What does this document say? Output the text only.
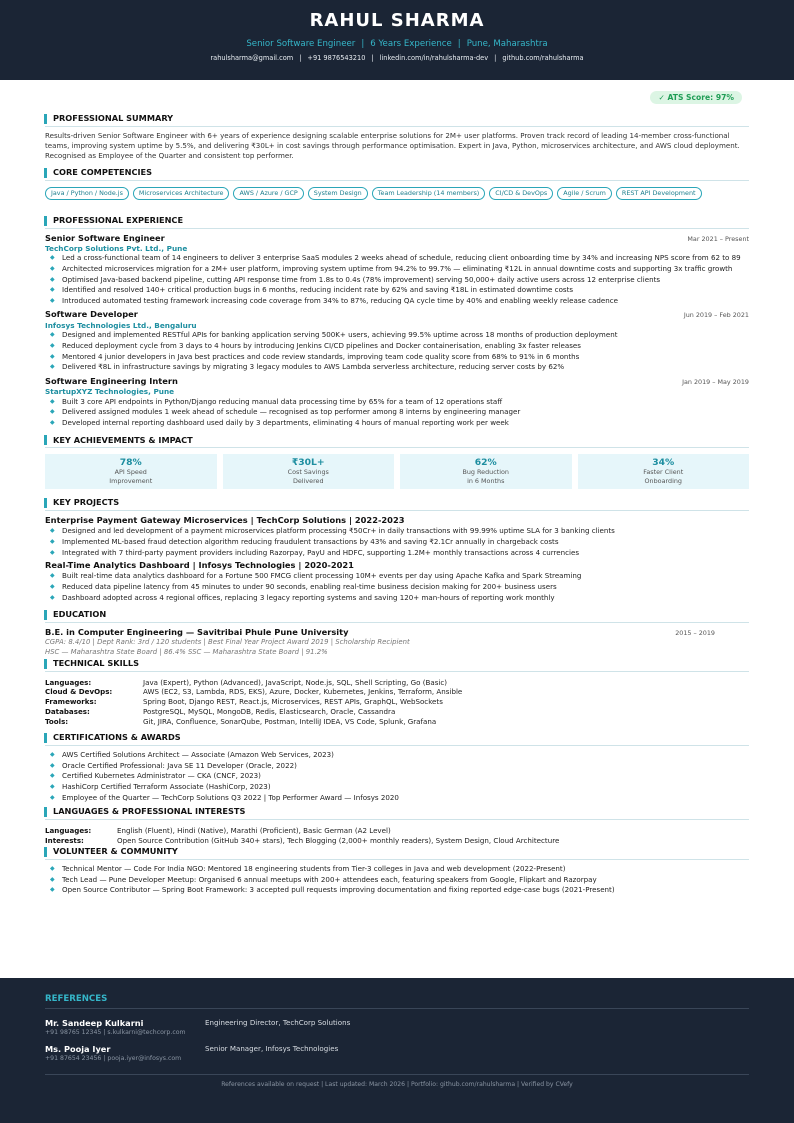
RAHUL SHARMA
Senior Software Engineer | 6 Years Experience | Pune, Maharashtra
rahulsharma@gmail.com | +91 9876543210 | linkedin.com/in/rahulsharma-dev | github.com/rahulsharma
✓ ATS Score: 97%
PROFESSIONAL SUMMARY
Results-driven Senior Software Engineer with 6+ years of experience designing scalable enterprise solutions for 2M+ user platforms. Proven track record of leading 14-member cross-functional teams, improving system uptime by 5.5%, and delivering ₹30L+ in cost savings through performance optimisation. Expert in Java, Python, microservices architecture, and AWS cloud deployment. Recognised as Employee of the Quarter and consistent top performer.
CORE COMPETENCIES
Java / Python / Node.js	Microservices Architecture	AWS / Azure / GCP	System Design	Team Leadership (14 members)	CI/CD & DevOps	Agile / Scrum	REST API Development
PROFESSIONAL EXPERIENCE
Senior Software Engineer	Mar 2021 – Present
TechCorp Solutions Pvt. Ltd., Pune
◆ Led a cross-functional team of 14 engineers to deliver 3 enterprise SaaS modules 2 weeks ahead of schedule, reducing client onboarding time by 34% and increasing NPS score from 62 to 89
◆ Architected microservices migration for a 2M+ user platform, improving system uptime from 94.2% to 99.7% — eliminating ₹12L in annual downtime costs and supporting 3x traffic growth
◆ Optimised Java-based backend pipeline, cutting API response time from 1.8s to 0.4s (78% improvement) serving 50,000+ daily active users across 12 enterprise clients
◆ Identified and resolved 140+ critical production bugs in 6 months, reducing incident rate by 62% and saving ₹18L in estimated downtime costs
◆ Introduced automated testing framework increasing code coverage from 34% to 87%, reducing QA cycle time by 40% and enabling weekly release cadence
Software Developer	Jun 2019 – Feb 2021
Infosys Technologies Ltd., Bengaluru
◆ Designed and implemented RESTful APIs for banking application serving 500K+ users, achieving 99.5% uptime across 18 months of production deployment
◆ Reduced deployment cycle from 3 days to 4 hours by introducing Jenkins CI/CD pipelines and Docker containerisation, enabling 3x faster releases
◆ Mentored 4 junior developers in Java best practices and code review standards, improving team code quality score from 68% to 91% in 6 months
◆ Delivered ₹8L in infrastructure savings by migrating 3 legacy modules to AWS Lambda serverless architecture, reducing server costs by 62%
Software Engineering Intern	Jan 2019 – May 2019
StartupXYZ Technologies, Pune
◆ Built 3 core API endpoints in Python/Django reducing manual data processing time by 65% for a team of 12 operations staff
◆ Delivered assigned modules 1 week ahead of schedule — recognised as top performer among 8 interns by engineering manager
◆ Developed internal reporting dashboard used daily by 3 departments, eliminating 4 hours of manual reporting work per week
KEY ACHIEVEMENTS & IMPACT
78%
API Speed
Improvement
₹30L+
Cost Savings
Delivered
62%
Bug Reduction
in 6 Months
34%
Faster Client
Onboarding
KEY PROJECTS
Enterprise Payment Gateway Microservices | TechCorp Solutions | 2022-2023
◆ Designed and led development of a payment microservices platform processing ₹50Cr+ in daily transactions with 99.99% uptime SLA for 3 banking clients
◆ Implemented ML-based fraud detection algorithm reducing fraudulent transactions by 43% and saving ₹2.1Cr annually in chargeback costs
◆ Integrated with 7 third-party payment providers including Razorpay, PayU and HDFC, supporting 1.2M+ monthly transactions across 4 currencies
Real-Time Analytics Dashboard | Infosys Technologies | 2020-2021
◆ Built real-time data analytics dashboard for a Fortune 500 FMCG client processing 10M+ events per day using Apache Kafka and Spark Streaming
◆ Reduced data pipeline latency from 45 minutes to under 90 seconds, enabling real-time business decision making for 200+ business users
◆ Dashboard adopted across 4 regional offices, replacing 3 legacy reporting systems and saving 120+ man-hours of reporting work monthly
EDUCATION
B.E. in Computer Engineering — Savitribai Phule Pune University	2015 – 2019
CGPA: 8.4/10 | Dept Rank: 3rd / 120 students | Best Final Year Project Award 2019 | Scholarship Recipient
HSC — Maharashtra State Board | 86.4% SSC — Maharashtra State Board | 91.2%
TECHNICAL SKILLS
Languages:	Java (Expert), Python (Advanced), JavaScript, Node.js, SQL, Shell Scripting, Go (Basic)
Cloud & DevOps:	AWS (EC2, S3, Lambda, RDS, EKS), Azure, Docker, Kubernetes, Jenkins, Terraform, Ansible
Frameworks:	Spring Boot, Django REST, React.js, Microservices, REST APIs, GraphQL, WebSockets
Databases:	PostgreSQL, MySQL, MongoDB, Redis, Elasticsearch, Oracle, Cassandra
Tools:	Git, JIRA, Confluence, SonarQube, Postman, IntelliJ IDEA, VS Code, Splunk, Grafana
CERTIFICATIONS & AWARDS
◆ AWS Certified Solutions Architect — Associate (Amazon Web Services, 2023)
◆ Oracle Certified Professional: Java SE 11 Developer (Oracle, 2022)
◆ Certified Kubernetes Administrator — CKA (CNCF, 2023)
◆ HashiCorp Certified Terraform Associate (HashiCorp, 2023)
◆ Employee of the Quarter — TechCorp Solutions Q3 2022 | Top Performer Award — Infosys 2020
LANGUAGES & PROFESSIONAL INTERESTS
Languages:	English (Fluent), Hindi (Native), Marathi (Proficient), Basic German (A2 Level)
Interests:	Open Source Contribution (GitHub 340+ stars), Tech Blogging (2,000+ monthly readers), System Design, Cloud Architecture
VOLUNTEER & COMMUNITY
◆ Technical Mentor — Code For India NGO: Mentored 18 engineering students from Tier-3 colleges in Java and web development (2022-Present)
◆ Tech Lead — Pune Developer Meetup: Organised 6 annual meetups with 200+ attendees each, featuring speakers from Google, Flipkart and Razorpay
◆ Open Source Contributor — Spring Boot Framework: 3 accepted pull requests improving documentation and fixing reported edge-case bugs (2021-Present)
REFERENCES
Mr. Sandeep Kulkarni
+91 98765 12345 | s.kulkarni@techcorp.com
Engineering Director, TechCorp Solutions
Ms. Pooja Iyer
+91 87654 23456 | pooja.iyer@infosys.com
Senior Manager, Infosys Technologies
References available on request | Last updated: March 2026 | Portfolio: github.com/rahulsharma | Verified by CVefy
